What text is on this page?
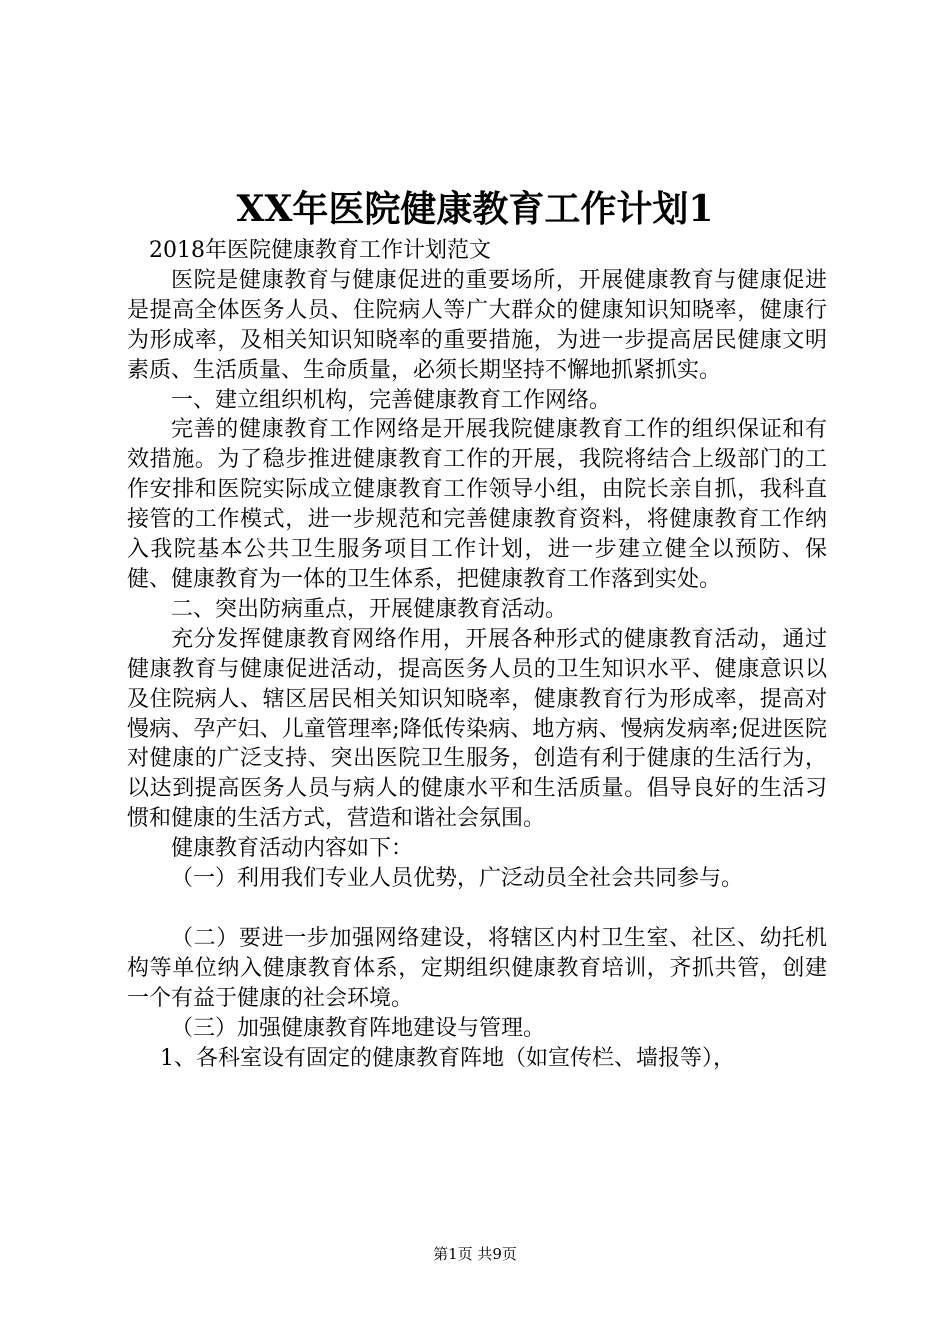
XX年医院健康教育工作计划1

2018年医院健康教育工作计划范文

医院是健康教育与健康促进的重要场所，开展健康教育与健康促进是提高全体医务人员、住院病人等广大群众的健康知识知晓率，健康行为形成率，及相关知识知晓率的重要措施，为进一步提高居民健康文明素质、生活质量、生命质量，必须长期坚持不懈地抓紧抓实。

一、建立组织机构，完善健康教育工作网络。

完善的健康教育工作网络是开展我院健康教育工作的组织保证和有效措施。为了稳步推进健康教育工作的开展，我院将结合上级部门的工作安排和医院实际成立健康教育工作领导小组，由院长亲自抓，我科直接管的工作模式，进一步规范和完善健康教育资料，将健康教育工作纳入我院基本公共卫生服务项目工作计划，进一步建立健全以预防、保健、健康教育为一体的卫生体系，把健康教育工作落到实处。

二、突出防病重点，开展健康教育活动。

充分发挥健康教育网络作用，开展各种形式的健康教育活动，通过健康教育与健康促进活动，提高医务人员的卫生知识水平、健康意识以及住院病人、辖区居民相关知识知晓率，健康教育行为形成率，提高对慢病、孕产妇、儿童管理率;降低传染病、地方病、慢病发病率;促进医院对健康的广泛支持、突出医院卫生服务，创造有利于健康的生活行为，以达到提高医务人员与病人的健康水平和生活质量。倡导良好的生活习惯和健康的生活方式，营造和谐社会氛围。

健康教育活动内容如下：

（一）利用我们专业人员优势，广泛动员全社会共同参与。

（二）要进一步加强网络建设，将辖区内村卫生室、社区、幼托机构等单位纳入健康教育体系，定期组织健康教育培训，齐抓共管，创建一个有益于健康的社会环境。

（三）加强健康教育阵地建设与管理。

1、各科室设有固定的健康教育阵地（如宣传栏、墙报等），

第1页 共9页
